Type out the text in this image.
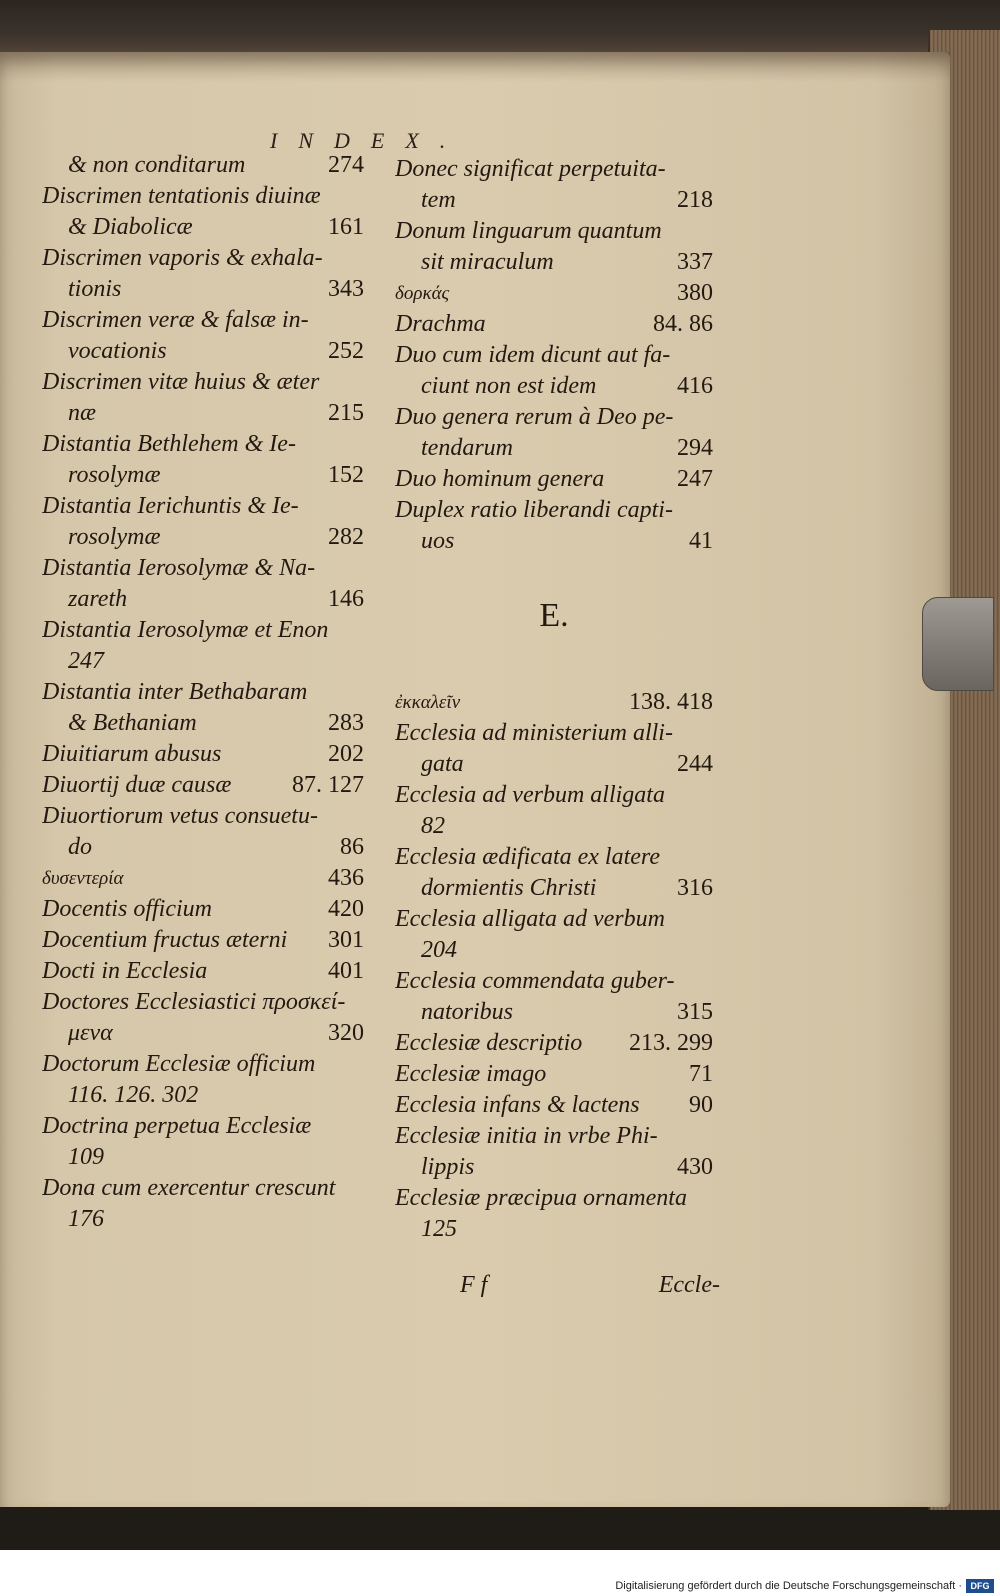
INDEX.
274
& non conditarum
Discrimen tentationis diuinæ
161
& Diabolicæ
Discrimen vaporis & exhala-
343
tionis
Discrimen veræ & falsæ in-
252
vocationis
Discrimen vitæ huius & æter
215
næ
Distantia Bethlehem & Ie-
152
rosolymæ
Distantia Ierichuntis & Ie-
282
rosolymæ
Distantia Ierosolymæ & Na-
146
zareth
Distantia Ierosolymæ et Enon
247
Distantia inter Bethabaram
283
& Bethaniam
202
Diuitiarum abusus
87. 127
Diuortij duæ causæ
Diuortiorum vetus consuetu-
86
do
436
δυσεντερία
420
Docentis officium
301
Docentium fructus æterni
401
Docti in Ecclesia
Doctores Ecclesiastici προσκεί-
320
μενα
Doctorum Ecclesiæ officium
116. 126. 302
Doctrina perpetua Ecclesiæ
109
Dona cum exercentur crescunt
176
Donec significat perpetuita-
218
tem
Donum linguarum quantum
337
sit miraculum
380
δορκάς
84. 86
Drachma
Duo cum idem dicunt aut fa-
416
ciunt non est idem
Duo genera rerum à Deo pe-
294
tendarum
247
Duo hominum genera
Duplex ratio liberandi capti-
41
uos
E.
138. 418
ἐκκαλεῖν
Ecclesia ad ministerium alli-
244
gata
Ecclesia ad verbum alligata
82
Ecclesia ædificata ex latere
316
dormientis Christi
Ecclesia alligata ad verbum
204
Ecclesia commendata guber-
315
natoribus
213. 299
Ecclesiæ descriptio
71
Ecclesiæ imago
90
Ecclesia infans & lactens
Ecclesiæ initia in vrbe Phi-
430
lippis
Ecclesiæ præcipua ornamenta
125
F f	Eccle-
Digitalisierung gefördert durch die Deutsche Forschungsgemeinschaft · DFG
